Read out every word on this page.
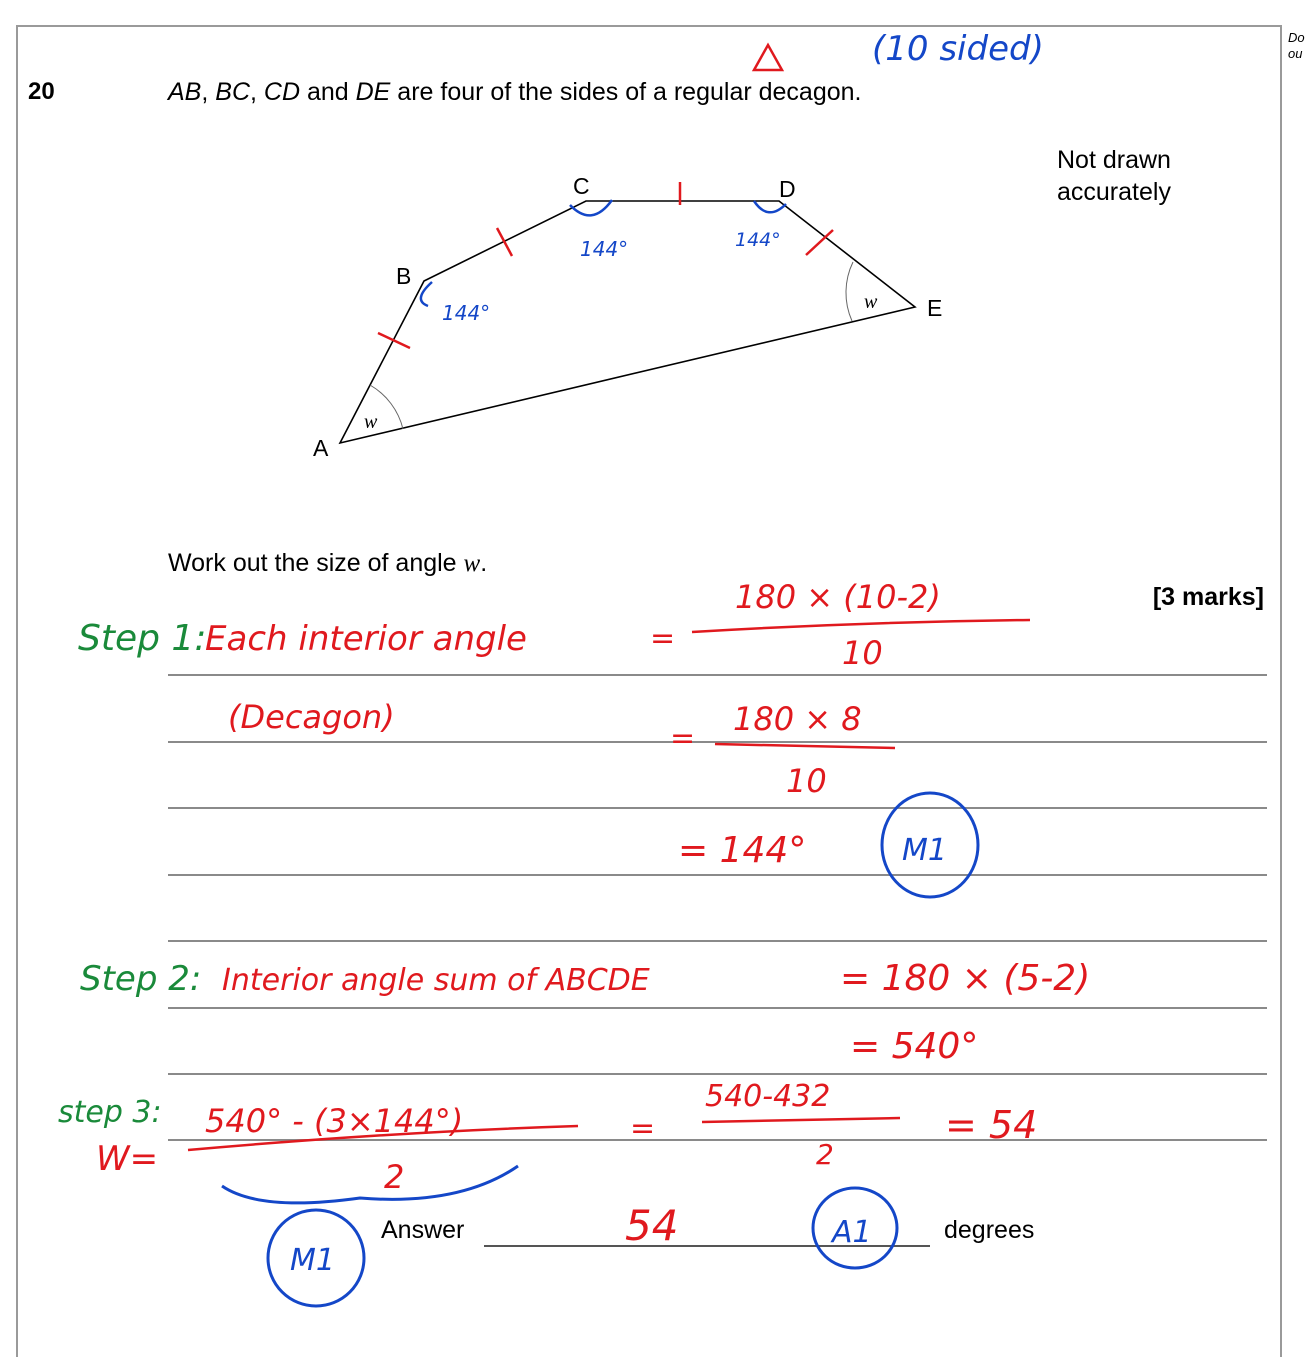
Do
ou
20	AB, BC, CD and DE are four of the sides of a regular decagon.
Not drawn accurately
Work out the size of angle w.
[3 marks]
Answer	degrees
w
w
A
B
C	D
E
144°
144°	144°
(10 sided)
Step 1:
Each interior angle
(Decagon)
=
180 × (10-2)
10
=
180 × 8
10
= 144°	M1
Step 2: Interior angle sum of ABCDE	= 180 × (5-2)
= 540°
step 3:
W=
540° - (3×144°)
2
=
540-432
2
= 54
M1
54	A1
